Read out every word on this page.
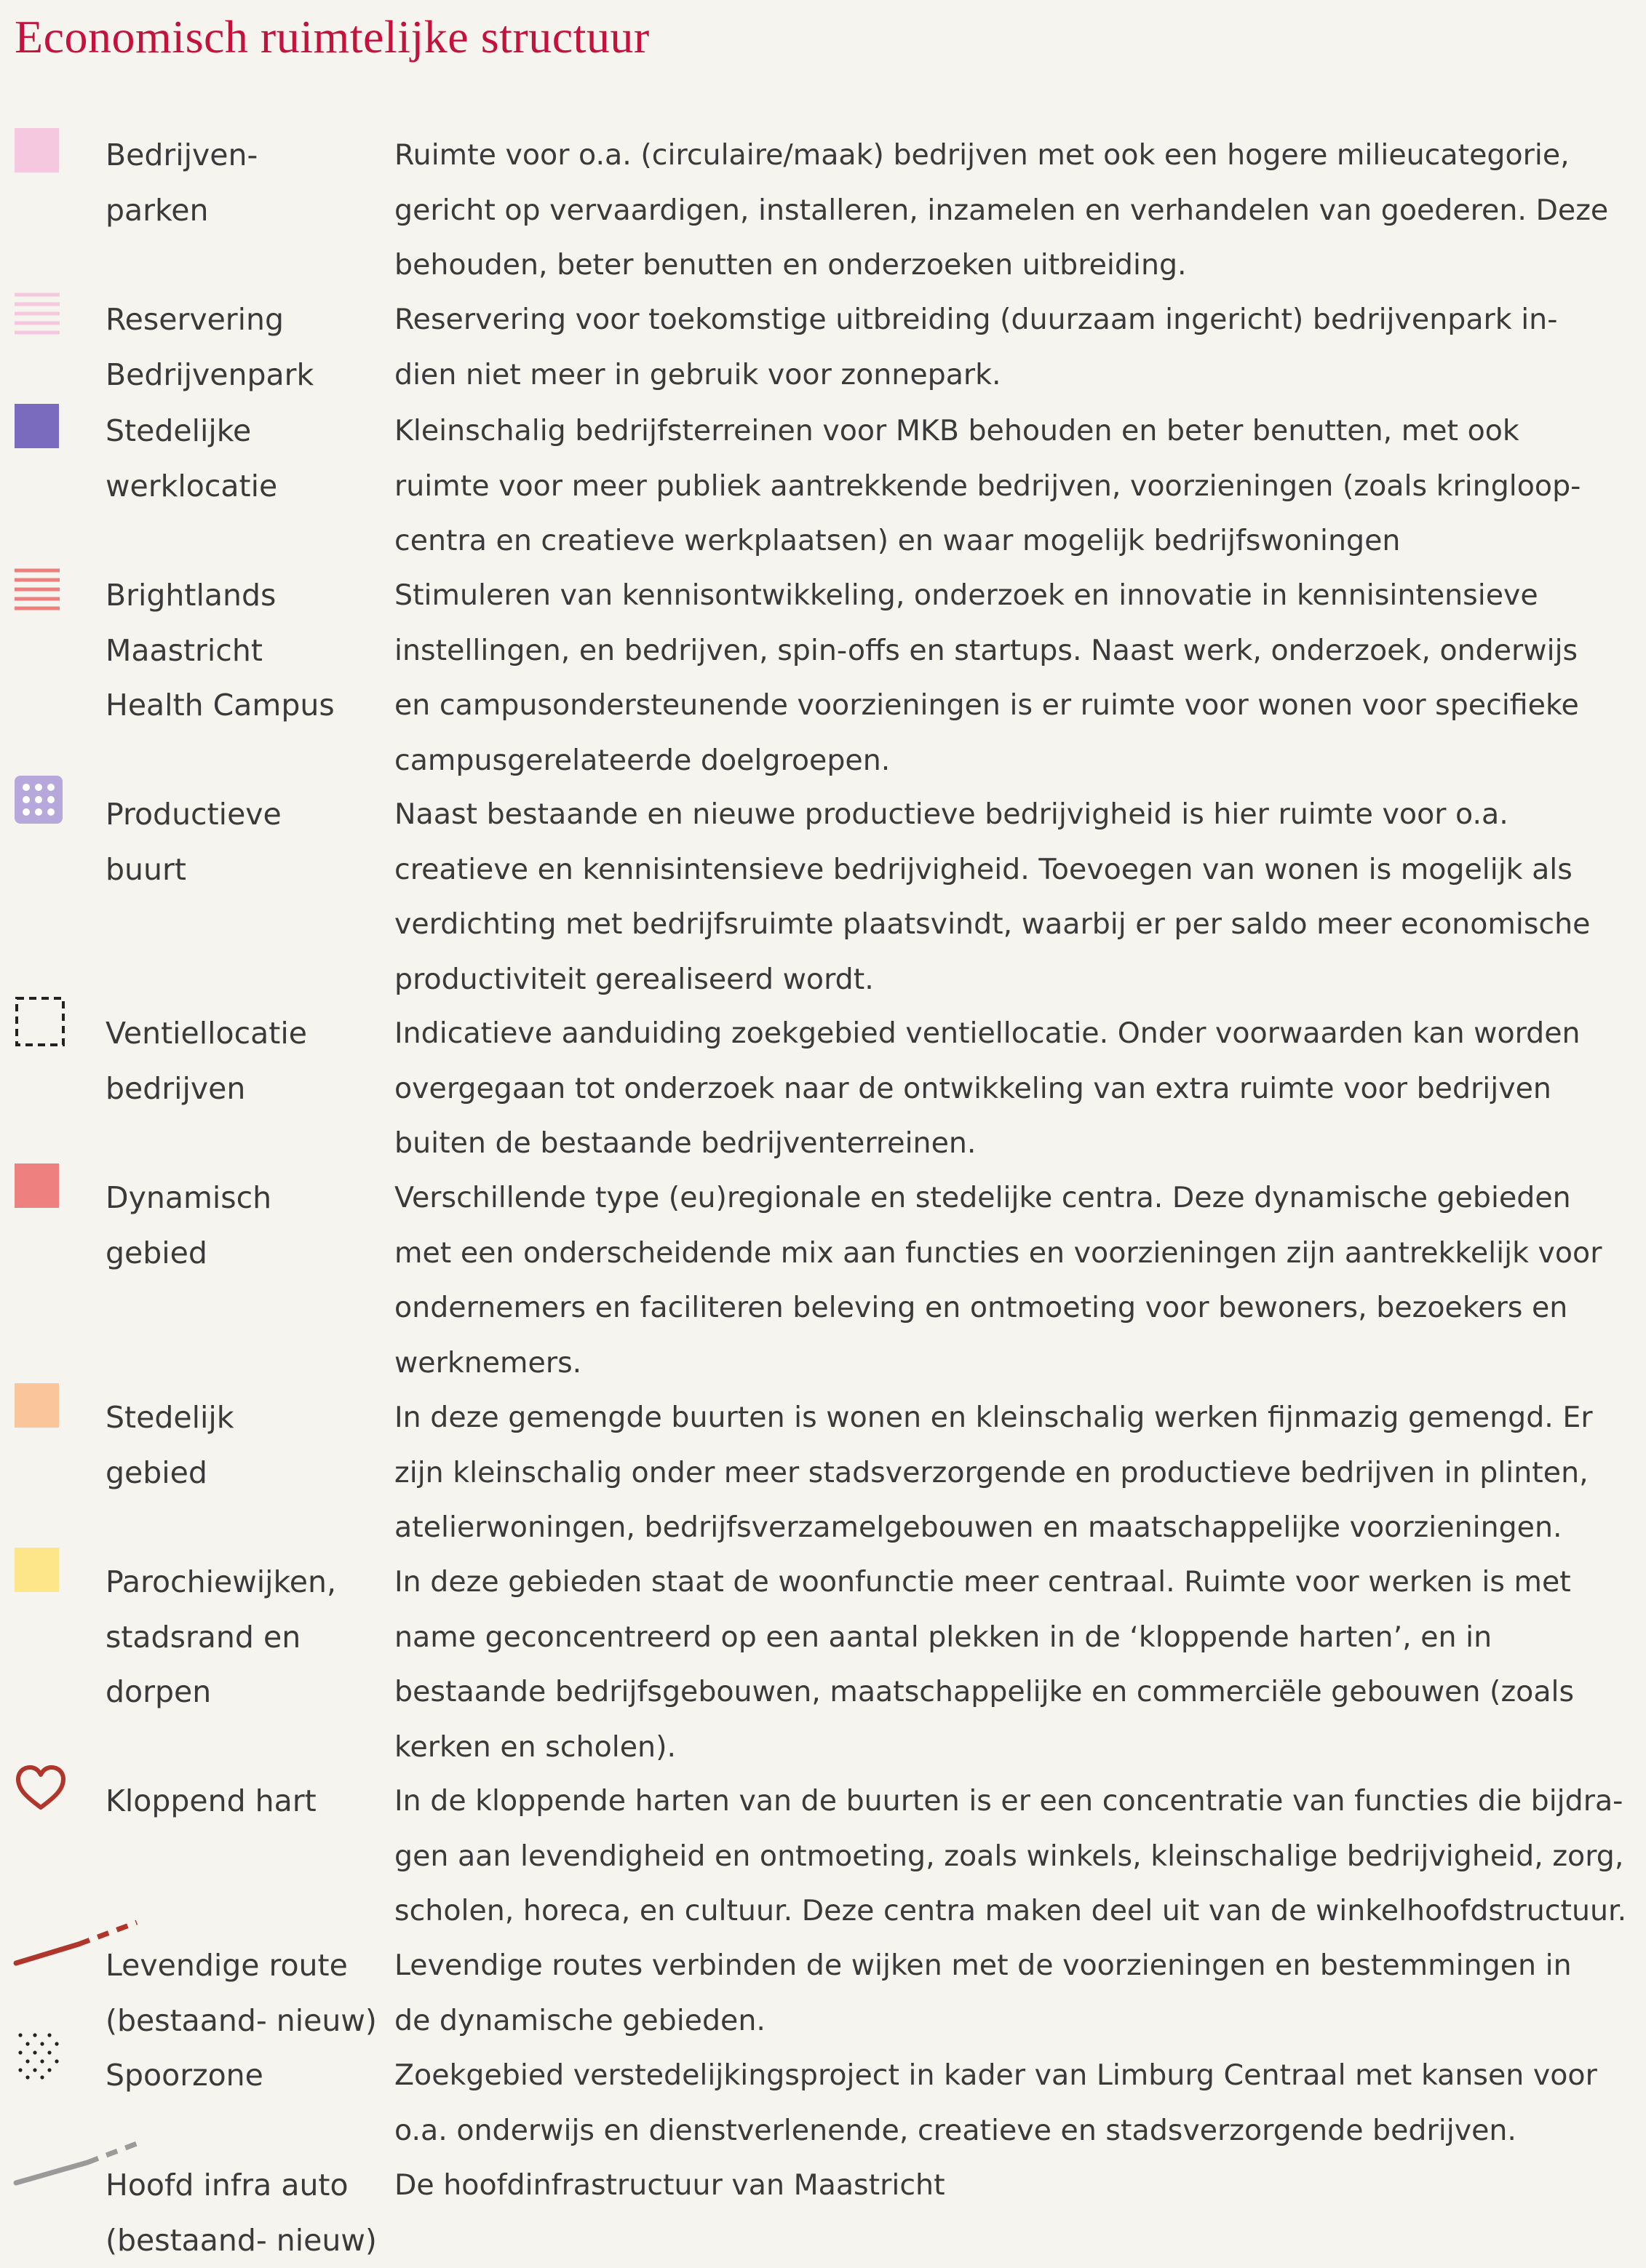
Economisch ruimtelijke structuur
Bedrijven-
parken
Ruimte voor o.a. (circulaire/maak) bedrijven met ook een hogere milieucategorie,
gericht op vervaardigen, installeren, inzamelen en verhandelen van goederen. Deze
behouden, beter benutten en onderzoeken uitbreiding.
Reservering
Bedrijvenpark
Reservering voor toekomstige uitbreiding (duurzaam ingericht) bedrijvenpark in-
dien niet meer in gebruik voor zonnepark.
Stedelijke
werklocatie
Kleinschalig bedrijfsterreinen voor MKB behouden en beter benutten, met ook
ruimte voor meer publiek aantrekkende bedrijven, voorzieningen (zoals kringloop-
centra en creatieve werkplaatsen) en waar mogelijk bedrijfswoningen
Brightlands
Maastricht
Health Campus
Stimuleren van kennisontwikkeling, onderzoek en innovatie in kennisintensieve
instellingen, en bedrijven, spin-offs en startups. Naast werk, onderzoek, onderwijs
en campusondersteunende voorzieningen is er ruimte voor wonen voor specifieke
campusgerelateerde doelgroepen.
Productieve
buurt
Naast bestaande en nieuwe productieve bedrijvigheid is hier ruimte voor o.a.
creatieve en kennisintensieve bedrijvigheid. Toevoegen van wonen is mogelijk als
verdichting met bedrijfsruimte plaatsvindt, waarbij er per saldo meer economische
productiviteit gerealiseerd wordt.
Ventiellocatie
bedrijven
Indicatieve aanduiding zoekgebied ventiellocatie. Onder voorwaarden kan worden
overgegaan tot onderzoek naar de ontwikkeling van extra ruimte voor bedrijven
buiten de bestaande bedrijventerreinen.
Dynamisch
gebied
Verschillende type (eu)regionale en stedelijke centra. Deze dynamische gebieden
met een onderscheidende mix aan functies en voorzieningen zijn aantrekkelijk voor
ondernemers en faciliteren beleving en ontmoeting voor bewoners, bezoekers en
werknemers.
Stedelijk
gebied
In deze gemengde buurten is wonen en kleinschalig werken fijnmazig gemengd. Er
zijn kleinschalig onder meer stadsverzorgende en productieve bedrijven in plinten,
atelierwoningen, bedrijfsverzamelgebouwen en maatschappelijke voorzieningen.
Parochiewijken,
stadsrand en
dorpen
In deze gebieden staat de woonfunctie meer centraal. Ruimte voor werken is met
name geconcentreerd op een aantal plekken in de ‘kloppende harten’, en in
bestaande bedrijfsgebouwen, maatschappelijke en commerciële gebouwen (zoals
kerken en scholen).
Kloppend hart	In de kloppende harten van de buurten is er een concentratie van functies die bijdra-
gen aan levendigheid en ontmoeting, zoals winkels, kleinschalige bedrijvigheid, zorg,
scholen, horeca, en cultuur. Deze centra maken deel uit van de winkelhoofdstructuur.
Levendige route
(bestaand- nieuw)
Levendige routes verbinden de wijken met de voorzieningen en bestemmingen in
de dynamische gebieden.
Spoorzone	Zoekgebied verstedelijkingsproject in kader van Limburg Centraal met kansen voor
o.a. onderwijs en dienstverlenende, creatieve en stadsverzorgende bedrijven.
Hoofd infra auto
(bestaand- nieuw)
De hoofdinfrastructuur van Maastricht
